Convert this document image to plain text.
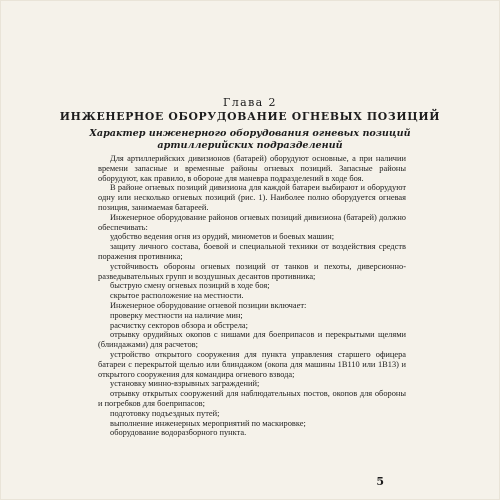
Глава 2
ИНЖЕНЕРНОЕ ОБОРУДОВАНИЕ ОГНЕВЫХ ПОЗИЦИЙ
Характер инженерного оборудования огневых позиций
артиллерийских подразделений

Для артиллерийских дивизионов (батарей) оборудуют основные, а при наличии времени запасные и временные районы огневых позиций. Запасные районы оборудуют, как правило, в обороне для маневра подразделений в ходе боя.

В районе огневых позиций дивизиона для каждой батареи выбирают и оборудуют одну или несколько огневых позиций (рис. 1). Наиболее полно оборудуется огневая позиция, занимаемая батареей.

Инженерное оборудование районов огневых позиций дивизиона (батарей) должно обеспечивать:

удобство ведения огня из орудий, минометов и боевых машин;

защиту личного состава, боевой и специальной техники от воздействия средств поражения противника;

устойчивость обороны огневых позиций от танков и пехоты, диверсионно-разведывательных групп и воздушных десантов противника;

быструю смену огневых позиций в ходе боя;

скрытое расположение на местности.

Инженерное оборудование огневой позиции включает:

проверку местности на наличие мин;

расчистку секторов обзора и обстрела;

отрывку орудийных окопов с нишами для боеприпасов и перекрытыми щелями (блиндажами) для расчетов;

устройство открытого сооружения для пункта управления старшего офицера батареи с перекрытой щелью или блиндажом (окопа для машины 1В110 или 1В13) и открытого сооружения для командира огневого взвода;

установку минно-взрывных заграждений;

отрывку открытых сооружений для наблюдательных постов, окопов для обороны и погребков для боеприпасов;

подготовку подъездных путей;

выполнение инженерных мероприятий по маскировке;

оборудование водоразборного пункта.

5
